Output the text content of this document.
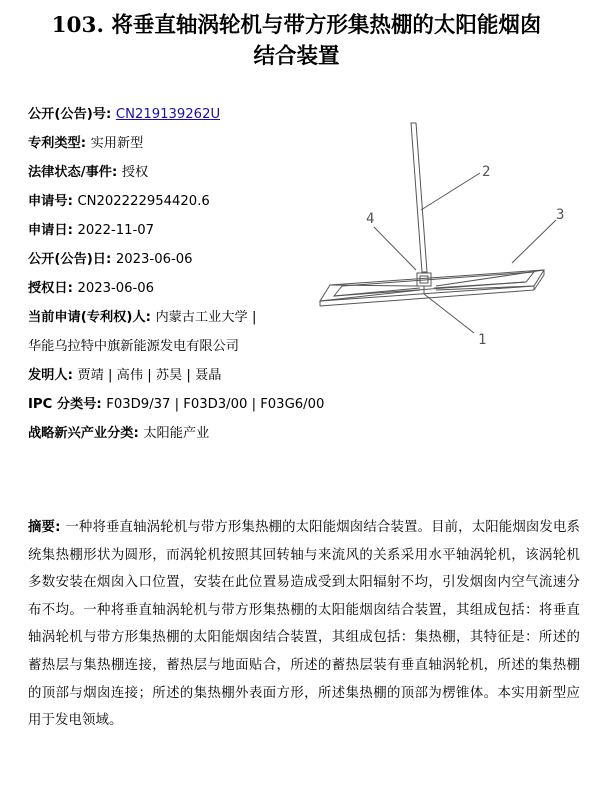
103. 将垂直轴涡轮机与带方形集热棚的太阳能烟囱
结合装置
公开(公告)号: CN219139262U
专利类型: 实用新型
法律状态/事件: 授权
申请号: CN202222954420.6
申请日: 2022-11-07
公开(公告)日: 2023-06-06
授权日: 2023-06-06
当前申请(专利权)人: 内蒙古工业大学 |
华能乌拉特中旗新能源发电有限公司
发明人: 贾靖 | 高伟 | 苏昊 | 聂晶
IPC 分类号: F03D9/37 | F03D3/00 | F03G6/00
战略新兴产业分类: 太阳能产业
1
2
3
4
摘要: 一种将垂直轴涡轮机与带方形集热棚的太阳能烟囱结合装置。目前，太阳能烟囱发电系统集热棚形状为圆形，而涡轮机按照其回转轴与来流风的关系采用水平轴涡轮机，该涡轮机多数安装在烟囱入口位置，安装在此位置易造成受到太阳辐射不均，引发烟囱内空气流速分布不均。一种将垂直轴涡轮机与带方形集热棚的太阳能烟囱结合装置，其组成包括：将垂直轴涡轮机与带方形集热棚的太阳能烟囱结合装置，其组成包括：集热棚，其特征是：所述的蓄热层与集热棚连接，蓄热层与地面贴合，所述的蓄热层装有垂直轴涡轮机，所述的集热棚的顶部与烟囱连接；所述的集热棚外表面方形，所述集热棚的顶部为楞锥体。本实用新型应用于发电领域。
